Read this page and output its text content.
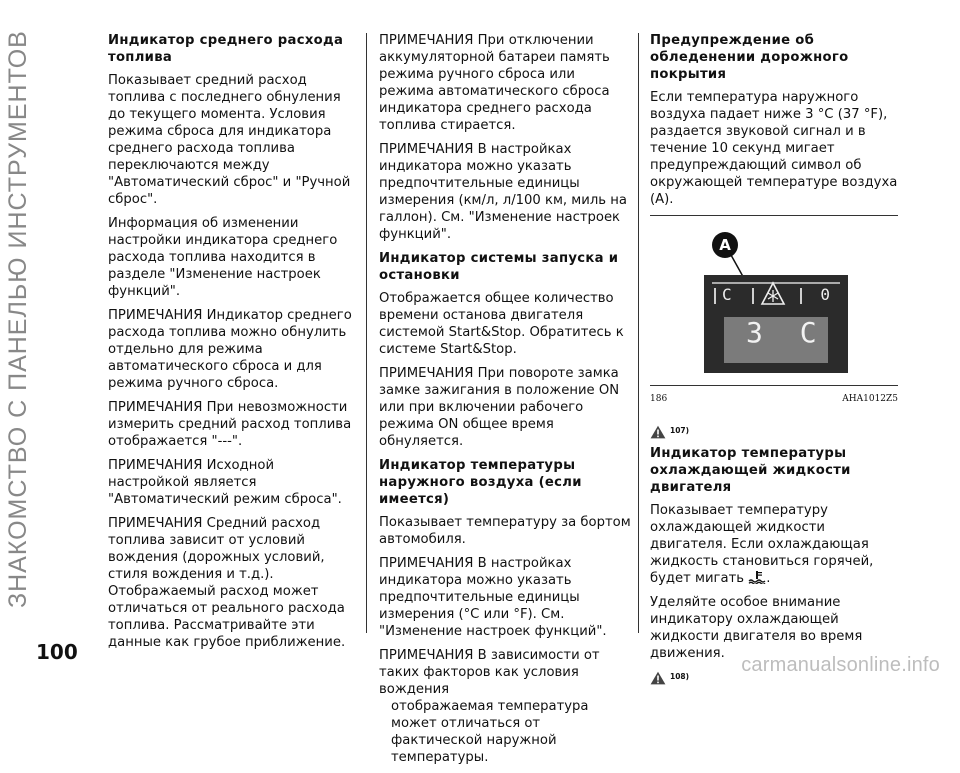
ЗНАКОМСТВО С ПАНЕЛЬЮ ИНСТРУМЕНТОВ	Индикатор среднего расхода топлива

Показывает средний расход топлива с последнего обнуления до текущего момента. Условия режима сброса для индикатора среднего расхода топлива переключаются между "Автоматический сброс" и "Ручной сброс".

Информация об изменении настройки индикатора среднего расхода топлива находится в разделе "Изменение настроек функций".

ПРИМЕЧАНИЯ Индикатор среднего расхода топлива можно обнулить отдельно для режима автоматического сброса и для режима ручного сброса.

ПРИМЕЧАНИЯ При невозможности измерить средний расход топлива отображается "---".

ПРИМЕЧАНИЯ Исходной настройкой является "Автоматический режим сброса".

ПРИМЕЧАНИЯ Средний расход топлива зависит от условий вождения (дорожных условий, стиля вождения и т.д.). Отображаемый расход может отличаться от реального расхода топлива. Рассматривайте эти данные как грубое приближение.

ПРИМЕЧАНИЯ При отключении аккумуляторной батареи память режима ручного сброса или режима автоматического сброса индикатора среднего расхода топлива стирается.

ПРИМЕЧАНИЯ В настройках индикатора можно указать предпочтительные единицы измерения (км/л, л/100 км, миль на галлон). См. "Изменение настроек функций".

Индикатор системы запуска и остановки

Отображается общее количество времени останова двигателя системой Start&Stop. Обратитесь к системе Start&Stop.

ПРИМЕЧАНИЯ При повороте замка замке зажигания в положение ON или при включении рабочего режима ON общее время обнуляется.

Индикатор температуры наружного воздуха (если имеется)

Показывает температуру за бортом автомобиля.

ПРИМЕЧАНИЯ В настройках индикатора можно указать предпочтительные единицы измерения (°C или °F). См. "Изменение настроек функций".

ПРИМЕЧАНИЯ В зависимости от таких факторов как условия вождения

отображаемая температура может отличаться от фактической наружной температуры.

Предупреждение об обледенении дорожного покрытия

Если температура наружного воздуха падает ниже 3 °C (37 °F), раздается звуковой сигнал и в течение 10 секунд мигает предупреждающий символ об окружающей температуре воздуха (A).

A
C	0
3 C
186	AHA1012Z5
107)
Индикатор температуры охлаждающей жидкости двигателя

Показывает температуру охлаждающей жидкости двигателя. Если охлаждающая жидкость становиться горячей, будет мигать .

Уделяйте особое внимание индикатору охлаждающей жидкости двигателя во время движения.

108)
100
carmanualsonline.info
